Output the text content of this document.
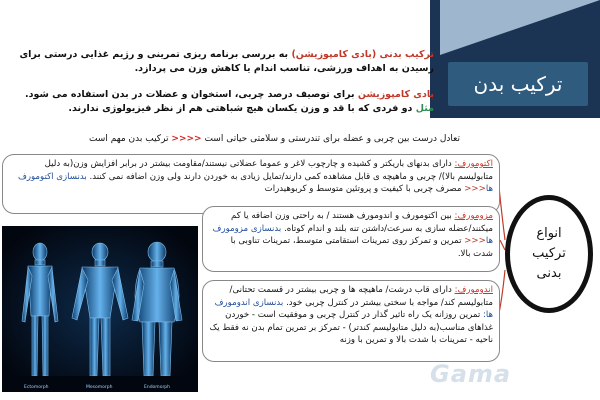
ترکیب بدن
ترکیب بدنی (بادی کامپوزیشن) به بررسی برنامه ریزی تمرینی و رژیم غذایی درستی برای رسیدن به اهداف ورزشی، تناسب اندام یا کاهش وزن می پردازد.
بادی کامپوزیشن برای توصیف درصد چربی، استخوان و عضلات در بدن استفاده می شود. مثل دو فردی که با قد و وزن یکسان هیچ شباهتی هم از نظر فیزیولوژی ندارند.
تعادل درست بین چربی و عضله برای تندرستی و سلامتی حیاتی است <<<< ترکیب بدن مهم است
اکتومورف: دارای بدنهای باریکتر و کشیده و چارچوب لاغر و عموما عضلاتی نیستند/مقاومت بیشتر در برابر افزایش وزن(به دلیل متابولیسم بالا)/ چربی و ماهیچه ی قابل مشاهده کمی دارند/تمایل زیادی به خوردن دارند ولی وزن اضافه نمی کنند. بدنسازی اکتومورف ها<<< مصرف چربی با کیفیت و پروتئین متوسط و کربوهیدرات
مزومورف: بین اکتومورف و اندومورف هستند / به راحتی وزن اضافه یا کم میکنند/عضله سازی به سرعت/داشتن تنه بلند و اندام کوتاه. بدنسازی مزومورف ها<<< تمرین و تمرکز روی تمرینات استقامتی متوسط، تمرینات تناوبی با شدت بالا.
اندومورف: دارای قاب درشت/ ماهیچه ها و چربی بیشتر در قسمت تحتانی/ متابولیسم کند/ مواجه با سختی بیشتر در کنترل چربی خود. بدنسازی اندومورف ها: تمرین روزانه یک راه تاثیر گذار در کنترل چربی و موفقیت است - خوردن غذاهای مناسب(به دلیل متابولیسم کندتر) - تمرکز بر تمرین تمام بدن نه فقط یک ناحیه - تمرینات با شدت بالا و تمرین با وزنه
انواع ترکیب بدنی
Ectomorph	Mesomorph	Endomorph	Gama
